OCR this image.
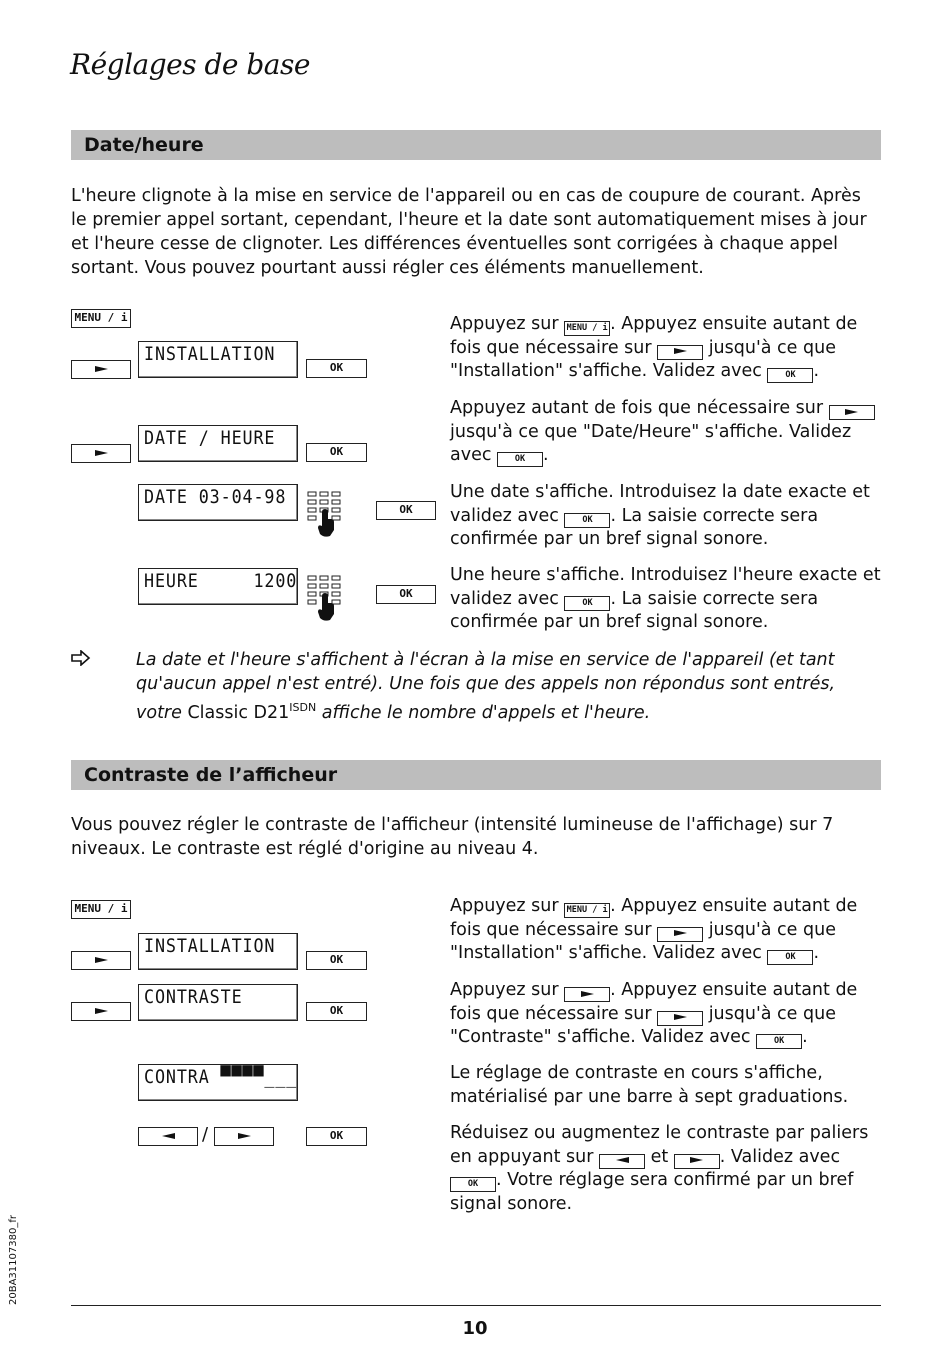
Réglages de base
Date/heure

L'heure clignote à la mise en service de l'appareil ou en cas de coupure de courant. Après le premier appel sortant, cependant, l'heure et la date sont automatiquement mises à jour et l'heure cesse de clignoter. Les différences éventuelles sont corrigées à chaque appel sortant. Vous pouvez pourtant aussi régler ces éléments manuellement.

MENU / i
INSTALLATION
OK
DATE / HEURE
OK
DATE 03-04-98
OK
HEURE     1200
OK

Appuyez sur MENU / i . Appuyez ensuite autant de fois que nécessaire sur	jusqu'à ce que "Installation" s'affiche. Validez avec OK .

Appuyez autant de fois que nécessaire sur  jusqu'à ce que "Date/Heure" s'affiche. Validez avec OK .

Une date s'affiche. Introduisez la date exacte et validez avec OK . La saisie correcte sera confirmée par un bref signal sonore.

Une heure s'affiche. Introduisez l'heure exacte et validez avec OK . La saisie correcte sera confirmée par un bref signal sonore.

La date et l'heure s'affichent à l'écran à la mise en service de l'appareil (et tant qu'aucun appel n'est entré). Une fois que des appels non répondus sont entrés, votre Classic $D21^{ISDN}$ affiche le nombre d'appels et l'heure.

Contraste de l’afficheur

Vous pouvez régler le contraste de l'afficheur (intensité lumineuse de l'affichage) sur 7 niveaux. Le contraste est réglé d'origine au niveau 4.

MENU / i
INSTALLATION
OK
CONTRASTE
OK
CONTRA ▀▀▀▀___
/	OK

Appuyez sur MENU / i . Appuyez ensuite autant de fois que nécessaire sur	jusqu'à ce que "Installation" s'affiche. Validez avec OK .

Appuyez sur	. Appuyez ensuite autant de fois que nécessaire sur	jusqu'à ce que "Contraste" s'affiche. Validez avec OK .

Le réglage de contraste en cours s'affiche, matérialisé par une barre à sept graduations.

Réduisez ou augmentez le contraste par paliers en appuyant sur	et	. Validez avec OK . Votre réglage sera confirmé par un bref signal sonore.

10
20BA31107380_fr
